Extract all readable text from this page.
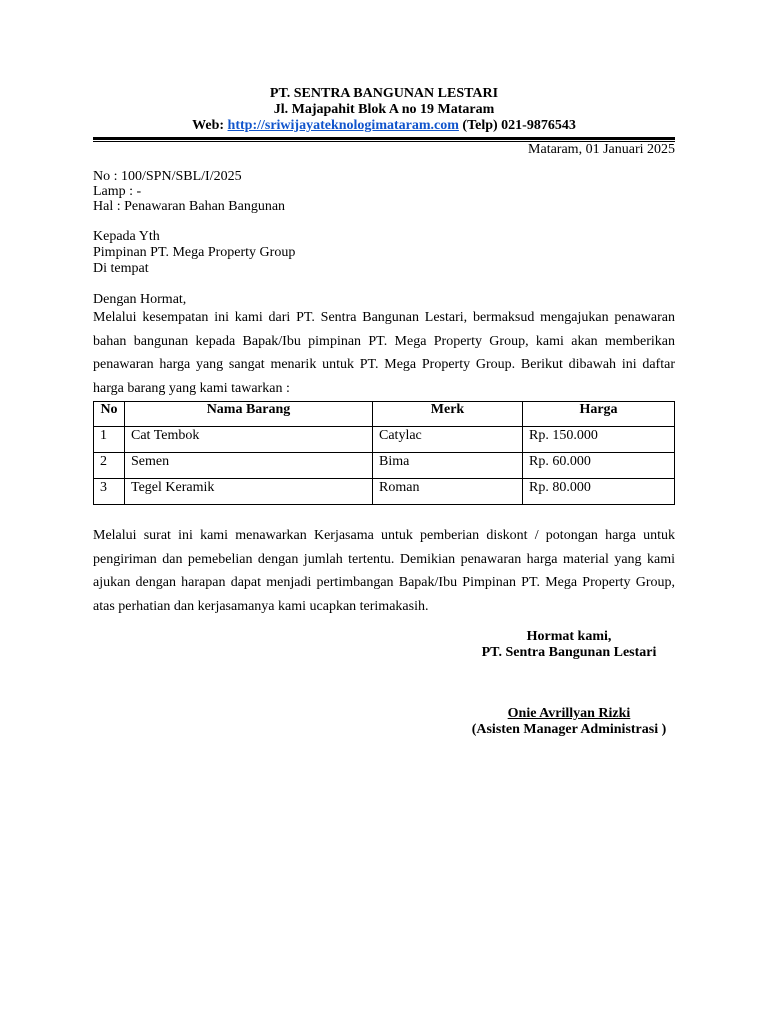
PT. SENTRA BANGUNAN LESTARI
Jl. Majapahit Blok A no 19 Mataram
Web: http://sriwijayateknologimataram.com (Telp) 021-9876543
Mataram, 01 Januari 2025
No : 100/SPN/SBL/I/2025
Lamp : -
Hal : Penawaran Bahan Bangunan
Kepada Yth
Pimpinan PT. Mega Property Group
Di tempat
Dengan Hormat,

Melalui kesempatan ini kami dari PT. Sentra Bangunan Lestari, bermaksud mengajukan penawaran bahan bangunan kepada Bapak/Ibu pimpinan PT. Mega Property Group, kami akan memberikan penawaran harga yang sangat menarik untuk PT. Mega Property Group. Berikut dibawah ini daftar harga barang yang kami tawarkan :

No	Nama Barang	Merk	Harga
1	Cat Tembok	Catylac	Rp. 150.000
2	Semen	Bima	Rp. 60.000
3	Tegel Keramik	Roman	Rp. 80.000

Melalui surat ini kami menawarkan Kerjasama untuk pemberian diskont / potongan harga untuk pengiriman dan pemebelian dengan jumlah tertentu. Demikian penawaran harga material yang kami ajukan dengan harapan dapat menjadi pertimbangan Bapak/Ibu Pimpinan PT. Mega Property Group, atas perhatian dan kerjasamanya kami ucapkan terimakasih.

Hormat kami,
PT. Sentra Bangunan Lestari
Onie Avrillyan Rizki
(Asisten Manager Administrasi )
